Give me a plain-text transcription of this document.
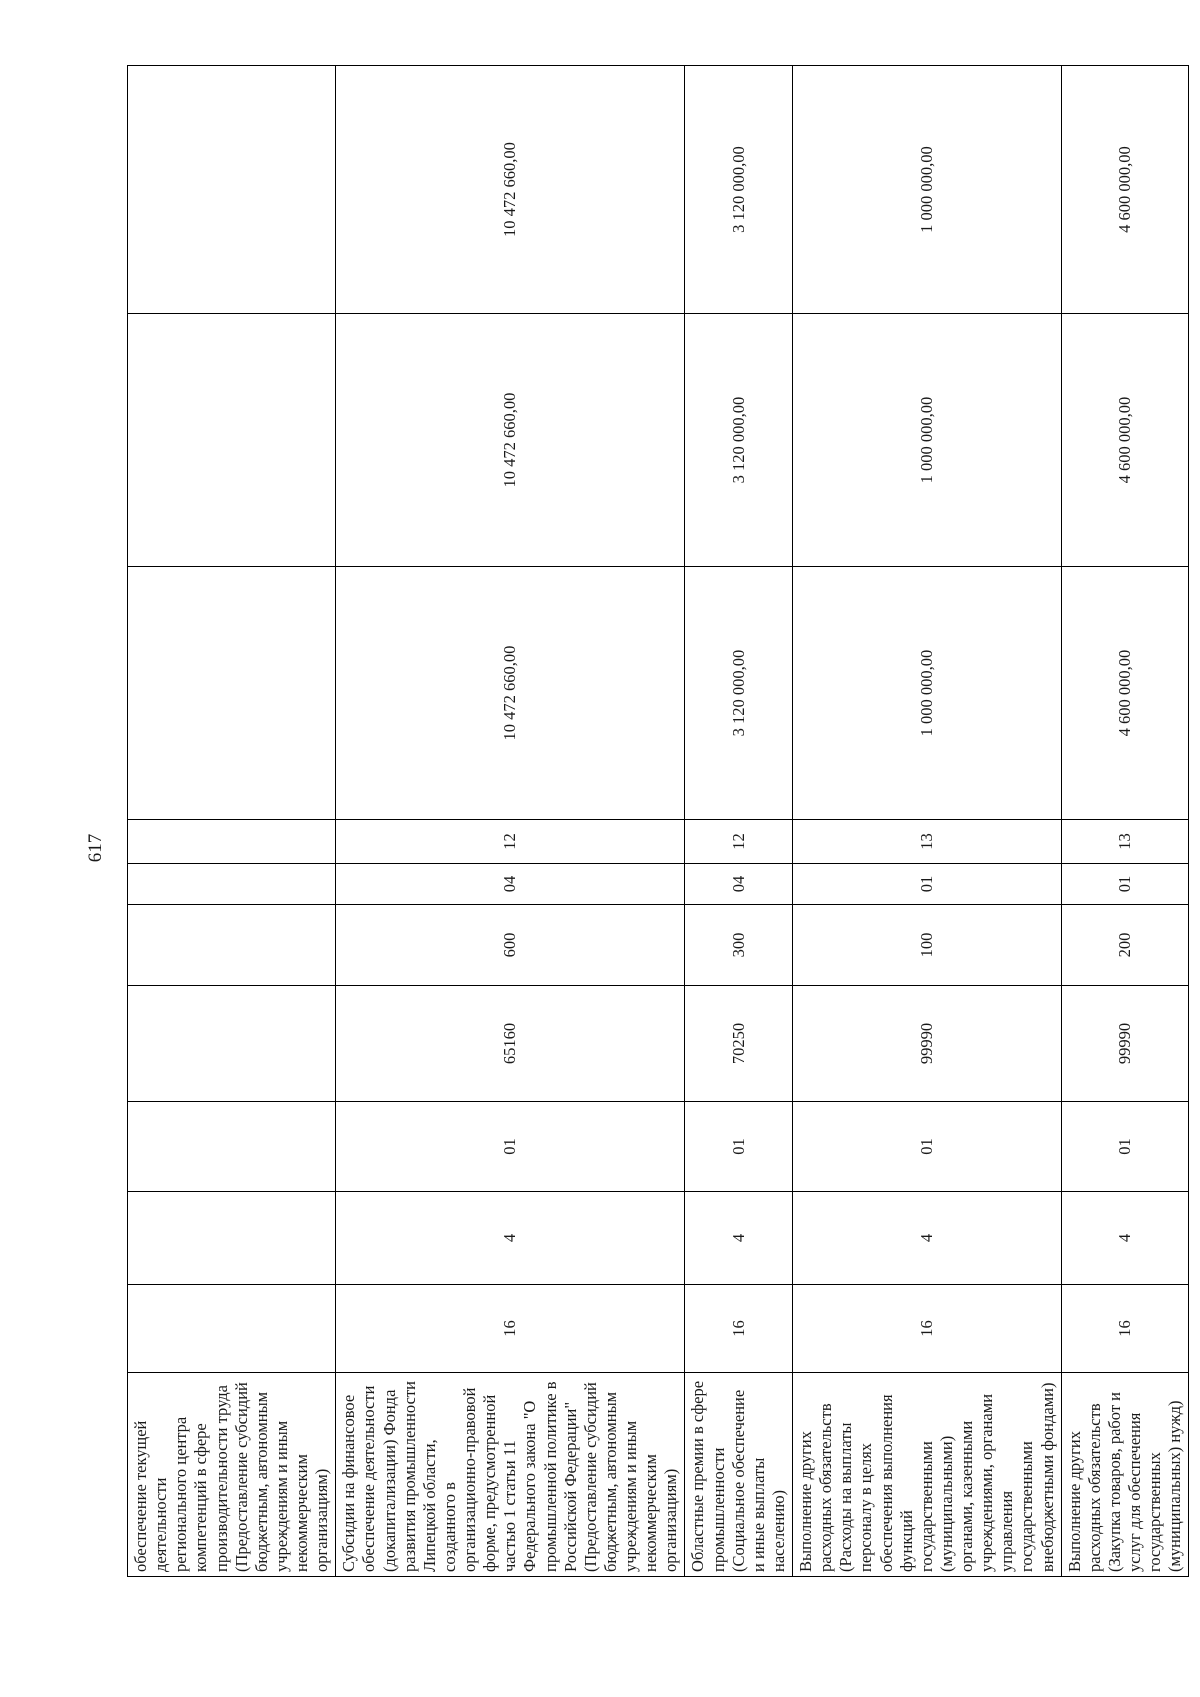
617
обеспечение текущей деятельности регионального центра компетенций в сфере производительности труда (Предоставление субсидий бюджетным, автономным учреждениям и иным некоммерческим организациям)										
Субсидии на финансовое обеспечение деятельности (докапитализации) Фонда развития промышленности Липецкой области, созданного в организационно-правовой форме, предусмотренной частью 1 статьи 11 Федерального закона "О промышленной политике в Российской Федерации" (Предоставление субсидий бюджетным, автономным учреждениям и иным некоммерческим организациям)	16	4	01	65160	600	04	12	10 472 660,00	10 472 660,00	10 472 660,00
Областные премии в сфере промышленности (Социальное обеспечение и иные выплаты населению)	16	4	01	70250	300	04	12	3 120 000,00	3 120 000,00	3 120 000,00
Выполнение других расходных обязательств (Расходы на выплаты персоналу в целях обеспечения выполнения функций государственными (муниципальными) органами, казенными учреждениями, органами управления государственными внебюджетными фондами)	16	4	01	99990	100	01	13	1 000 000,00	1 000 000,00	1 000 000,00
Выполнение других расходных обязательств (Закупка товаров, работ и услуг для обеспечения государственных (муниципальных) нужд)	16	4	01	99990	200	01	13	4 600 000,00	4 600 000,00	4 600 000,00
